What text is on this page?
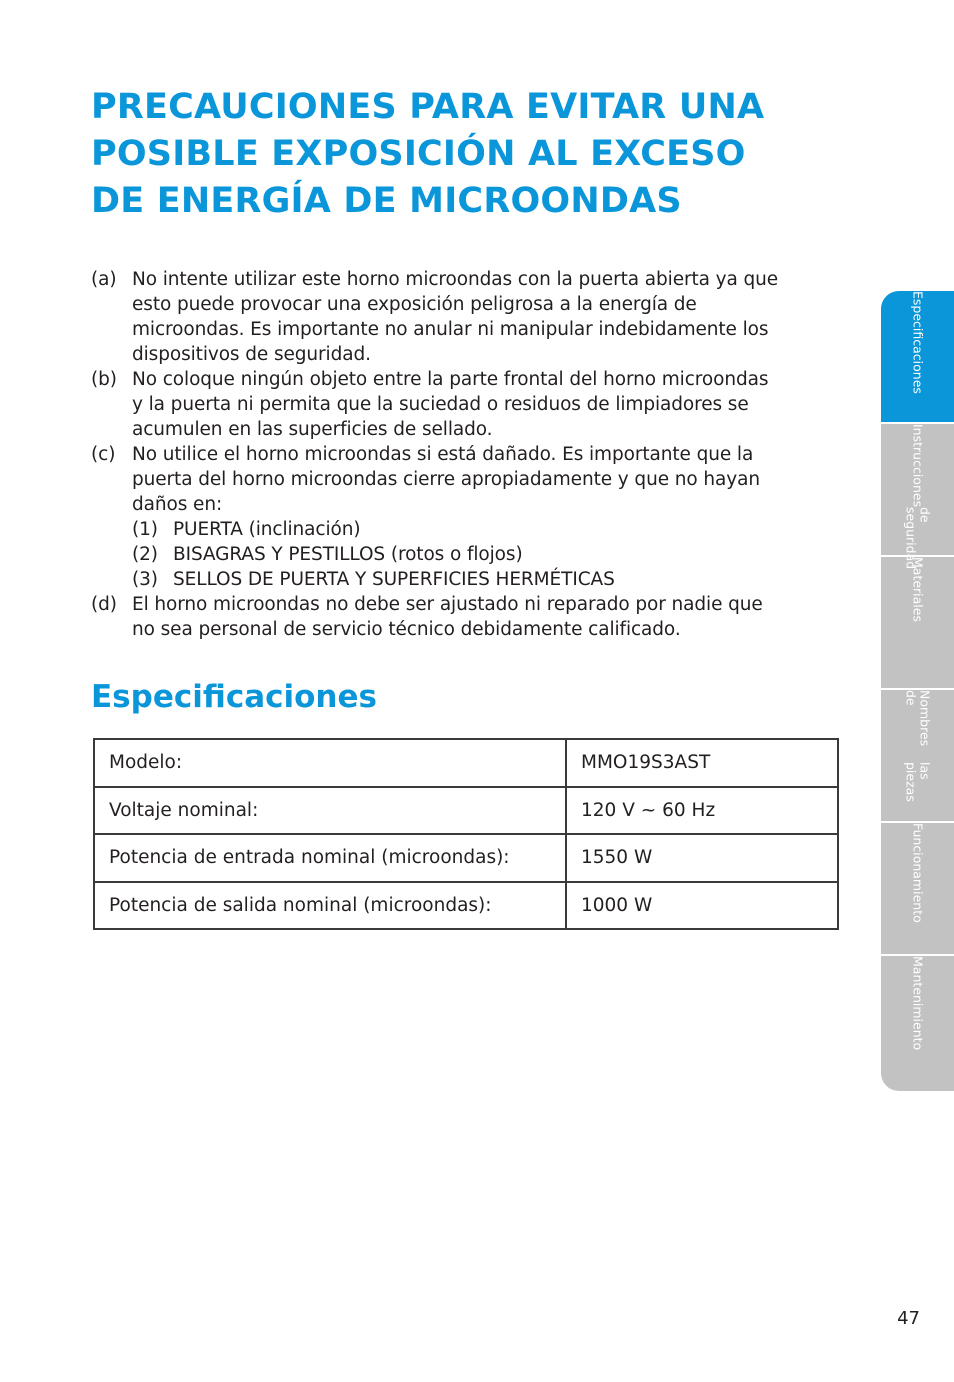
PRECAUCIONES PARA EVITAR UNA
POSIBLE EXPOSICIÓN AL EXCESO
DE ENERGÍA DE MICROONDAS
(a) No intente utilizar este horno microondas con la puerta abierta ya que
esto puede provocar una exposición peligrosa a la energía de
microondas. Es importante no anular ni manipular indebidamente los
dispositivos de seguridad.
(b) No coloque ningún objeto entre la parte frontal del horno microondas
y la puerta ni permita que la suciedad o residuos de limpiadores se
acumulen en las superficies de sellado.
(c) No utilice el horno microondas si está dañado. Es importante que la
puerta del horno microondas cierre apropiadamente y que no hayan
daños en:
(1) PUERTA (inclinación)
(2) BISAGRAS Y PESTILLOS (rotos o flojos)
(3) SELLOS DE PUERTA Y SUPERFICIES HERMÉTICAS
(d) El horno microondas no debe ser ajustado ni reparado por nadie que
no sea personal de servicio técnico debidamente calificado.
Especificaciones
Modelo:	MMO19S3AST
Voltaje nominal:	120 V ~ 60 Hz
Potencia de entrada nominal (microondas):	1550 W
Potencia de salida nominal (microondas):	1000 W
Especificaciones
Instrucciones
de seguridad
Materiales
Nombres de
las piezas
Funcionamiento
Mantenimiento
47
